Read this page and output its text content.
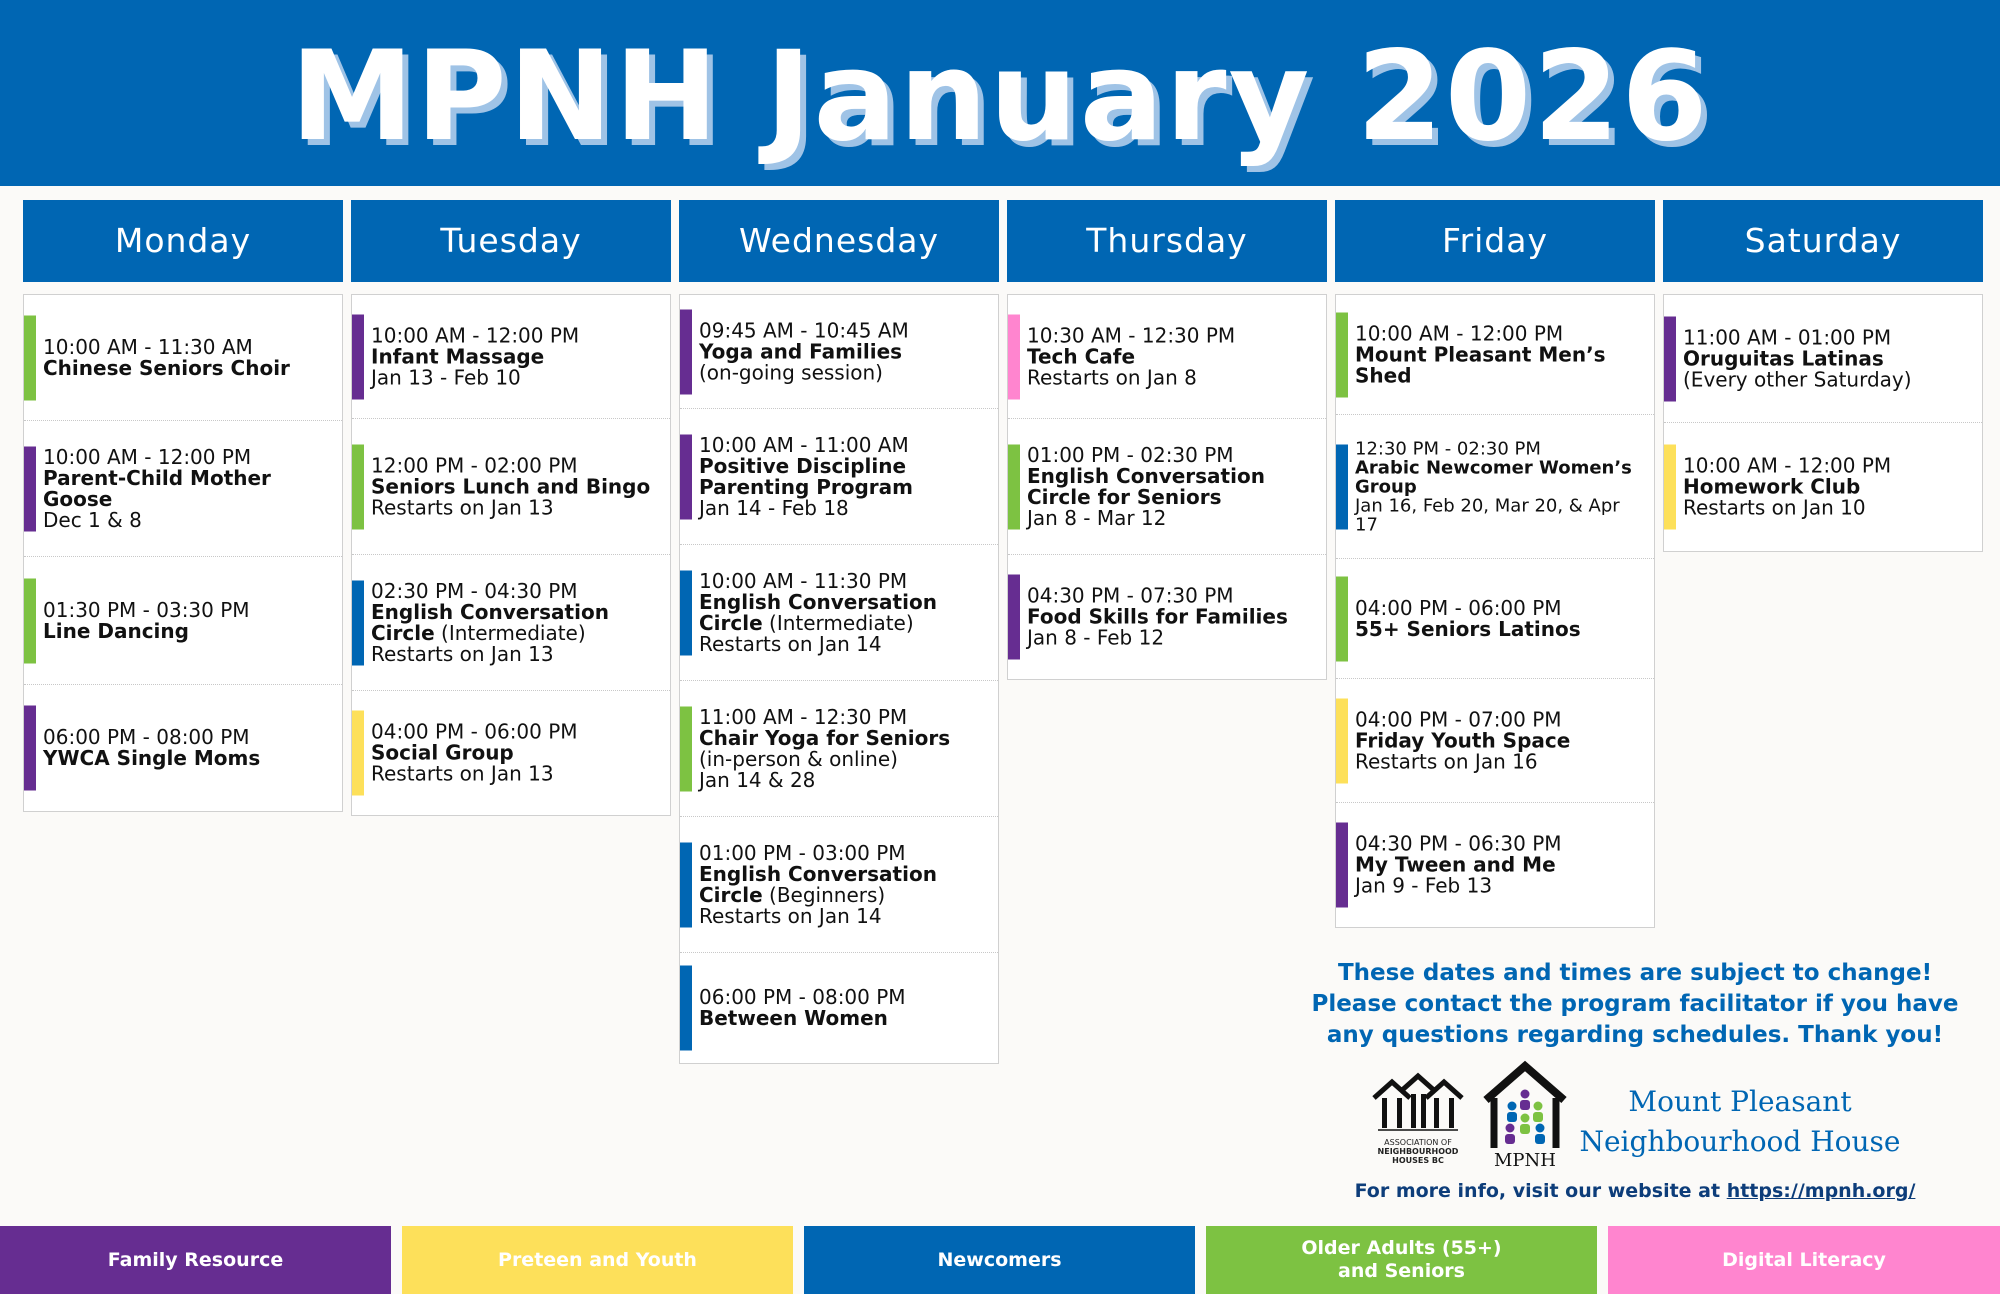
MPNH January 2026
Monday
10:00 AM - 11:30 AM
Chinese Seniors Choir
10:00 AM - 12:00 PM
Parent-Child Mother Goose
Dec 1 & 8
01:30 PM - 03:30 PM
Line Dancing
06:00 PM - 08:00 PM
YWCA Single Moms
Tuesday
10:00 AM - 12:00 PM
Infant Massage
Jan 13 - Feb 10
12:00 PM - 02:00 PM
Seniors Lunch and Bingo
Restarts on Jan 13
02:30 PM - 04:30 PM
English Conversation Circle (Intermediate)
Restarts on Jan 13
04:00 PM - 06:00 PM
Social Group
Restarts on Jan 13
Wednesday
09:45 AM - 10:45 AM
Yoga and Families
(on-going session)
10:00 AM - 11:00 AM
Positive Discipline Parenting Program
Jan 14 - Feb 18
10:00 AM - 11:30 PM
English Conversation Circle (Intermediate)
Restarts on Jan 14
11:00 AM - 12:30 PM
Chair Yoga for Seniors
(in-person & online)
Jan 14 & 28
01:00 PM - 03:00 PM
English Conversation Circle (Beginners)
Restarts on Jan 14
06:00 PM - 08:00 PM
Between Women
Thursday
10:30 AM - 12:30 PM
Tech Cafe
Restarts on Jan 8
01:00 PM - 02:30 PM
English Conversation Circle for Seniors
Jan 8 - Mar 12
04:30 PM - 07:30 PM
Food Skills for Families
Jan 8 - Feb 12
Friday
10:00 AM - 12:00 PM
Mount Pleasant Men’s Shed
12:30 PM - 02:30 PM
Arabic Newcomer Women’s Group
Jan 16, Feb 20, Mar 20, & Apr 17
04:00 PM - 06:00 PM
55+ Seniors Latinos
04:00 PM - 07:00 PM
Friday Youth Space
Restarts on Jan 16
04:30 PM - 06:30 PM
My Tween and Me
Jan 9 - Feb 13
Saturday
11:00 AM - 01:00 PM
Oruguitas Latinas
(Every other Saturday)
10:00 AM - 12:00 PM
Homework Club
Restarts on Jan 10
These dates and times are subject to change!
Please contact the program facilitator if you have
any questions regarding schedules. Thank you!
ASSOCIATION OF
NEIGHBOURHOOD
HOUSES BC	MPNH
Mount Pleasant
Neighbourhood House
For more info, visit our website at https://mpnh.org/
Family Resource	Preteen and Youth	Newcomers
Older Adults (55+)
and Seniors
Digital Literacy
